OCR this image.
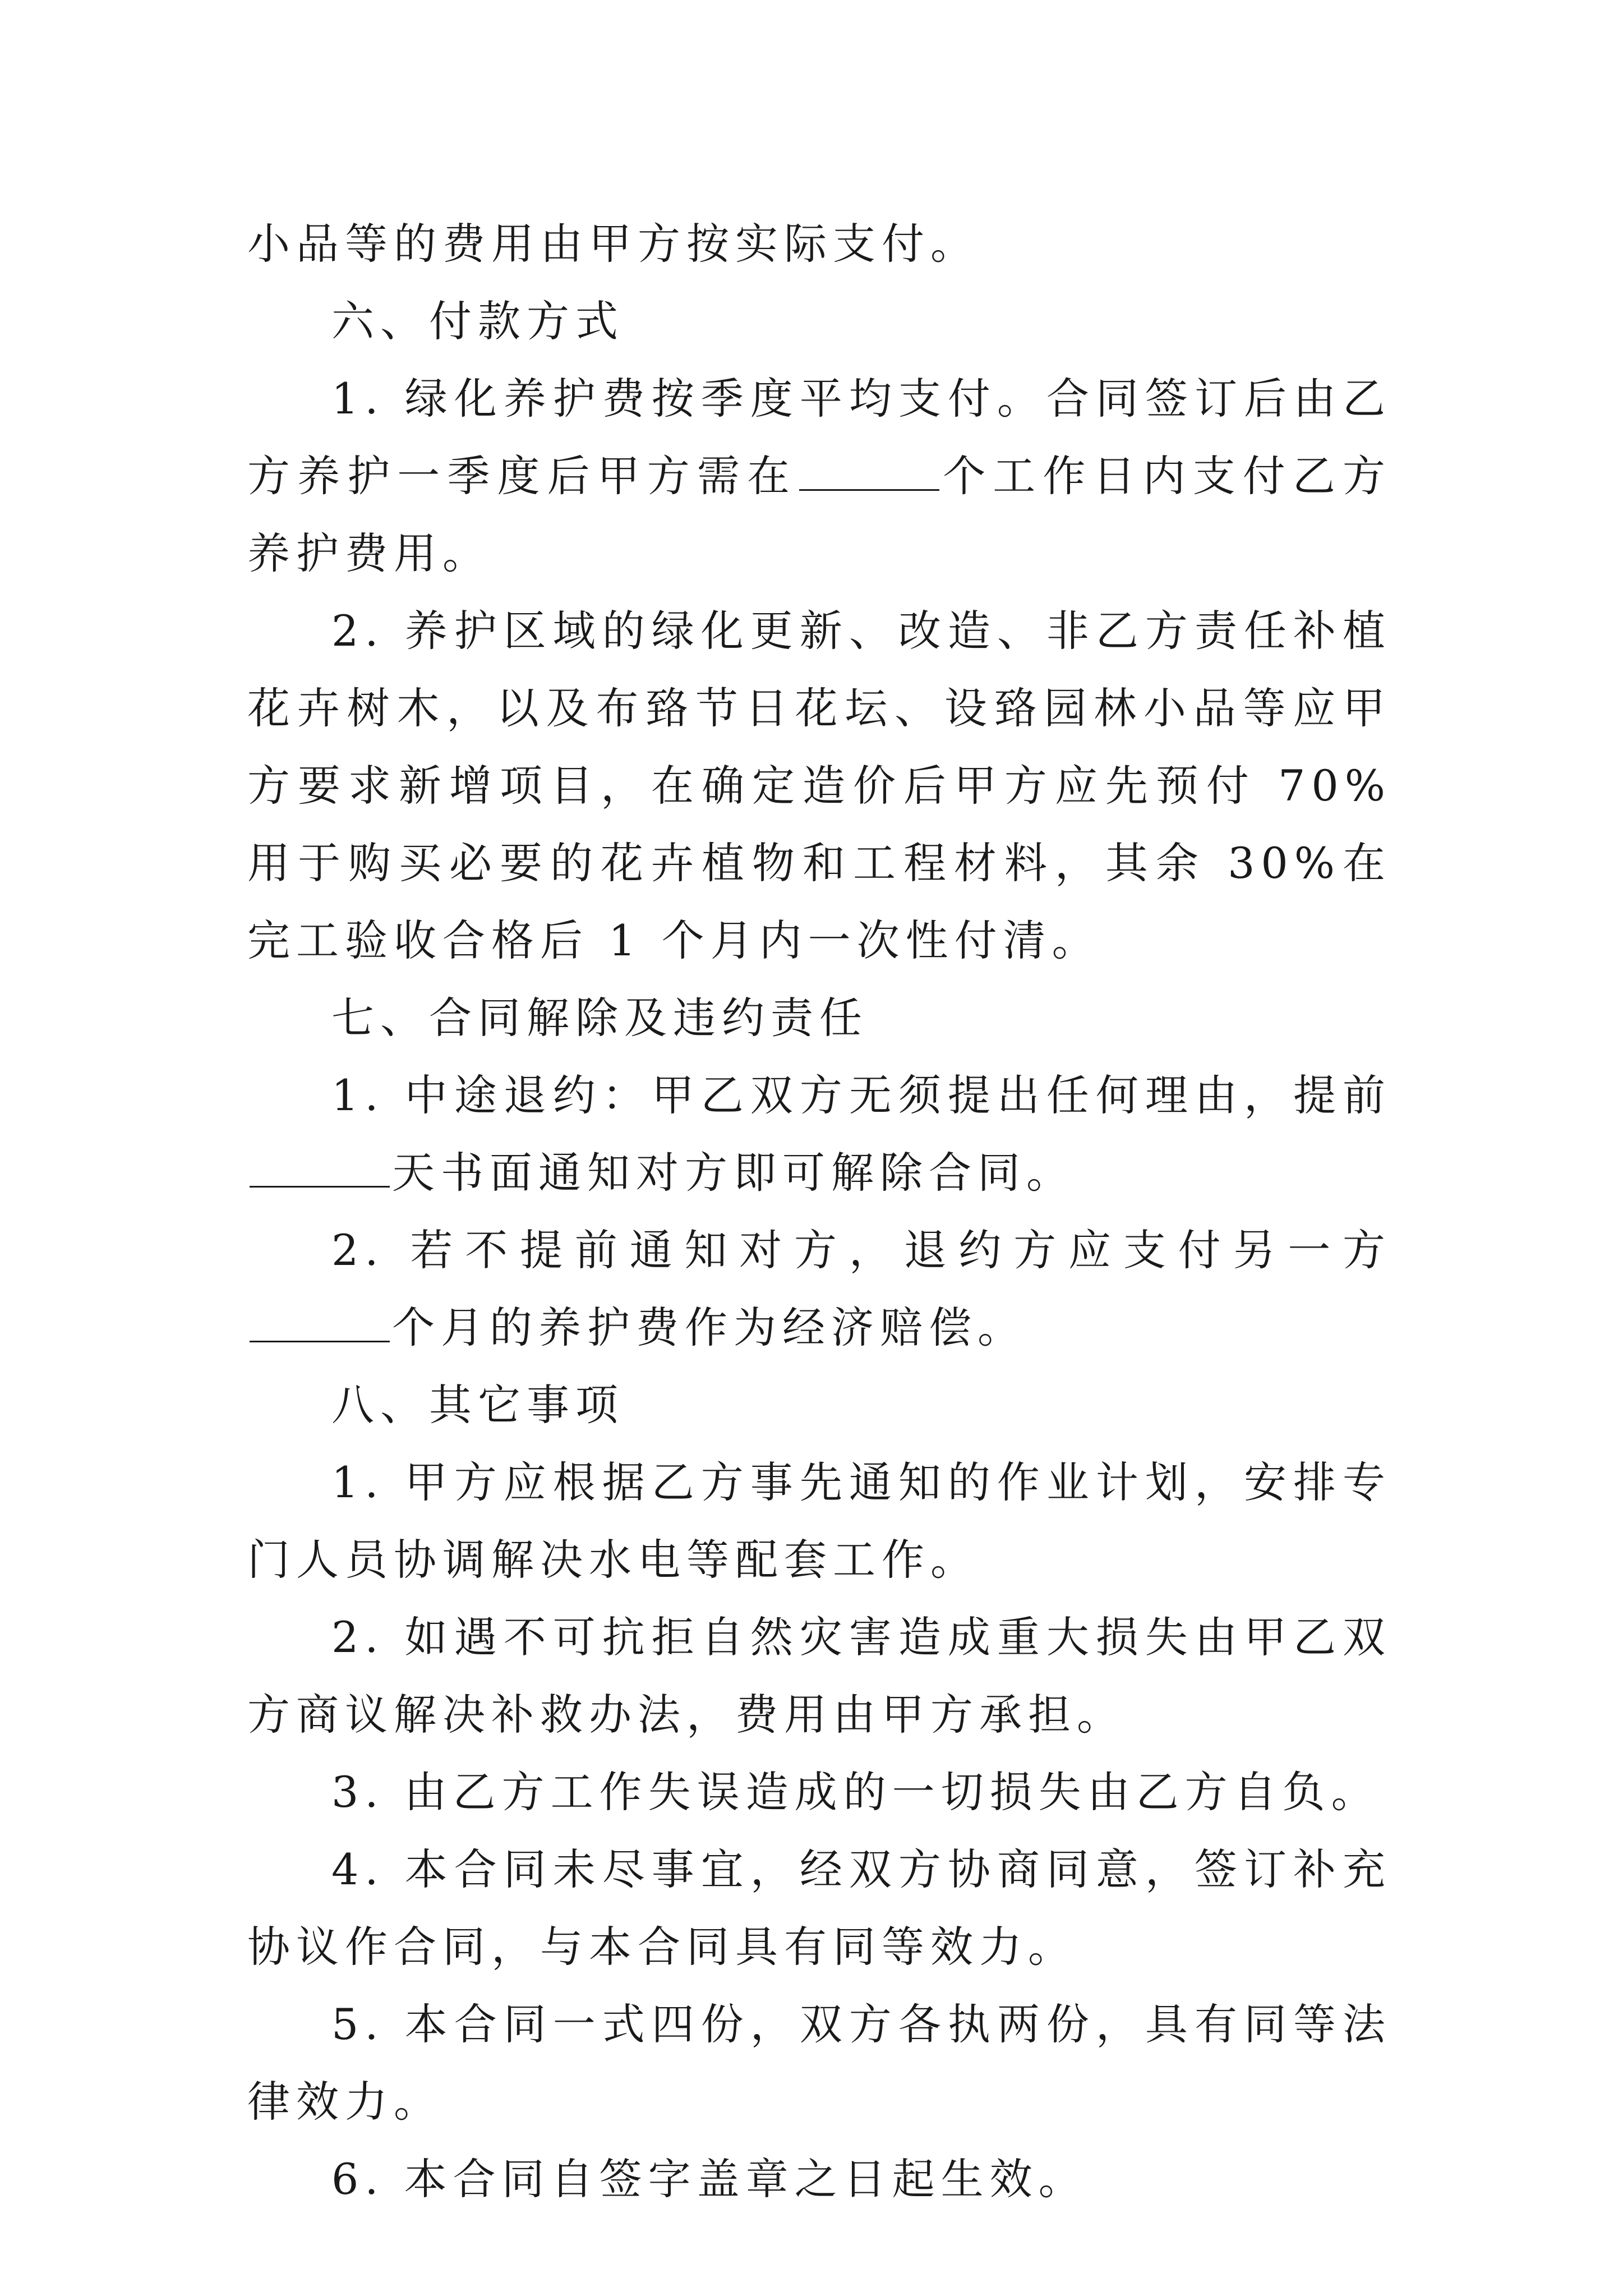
小品等的费用由甲方按实际支付。

六、付款方式

1. 绿化养护费按季度平均支付。合同签订后由乙方养护一季度后甲方需在	个工作日内支付乙方养护费用。

2. 养护区域的绿化更新、改造、非乙方责任补植花卉树木，以及布臵节日花坛、设臵园林小品等应甲方要求新增项目，在确定造价后甲方应先预付 70%用于购买必要的花卉植物和工程材料，其余 30%在完工验收合格后 1 个月内一次性付清。

七、合同解除及违约责任

1. 中途退约：甲乙双方无须提出任何理由，提前天书面通知对方即可解除合同。

2. 若不提前通知对方，退约方应支付另一方个月的养护费作为经济赔偿。

八、其它事项

1. 甲方应根据乙方事先通知的作业计划，安排专门人员协调解决水电等配套工作。

2. 如遇不可抗拒自然灾害造成重大损失由甲乙双方商议解决补救办法，费用由甲方承担。

3. 由乙方工作失误造成的一切损失由乙方自负。

4. 本合同未尽事宜，经双方协商同意，签订补充协议作合同，与本合同具有同等效力。

5. 本合同一式四份，双方各执两份，具有同等法律效力。

6. 本合同自签字盖章之日起生效。
